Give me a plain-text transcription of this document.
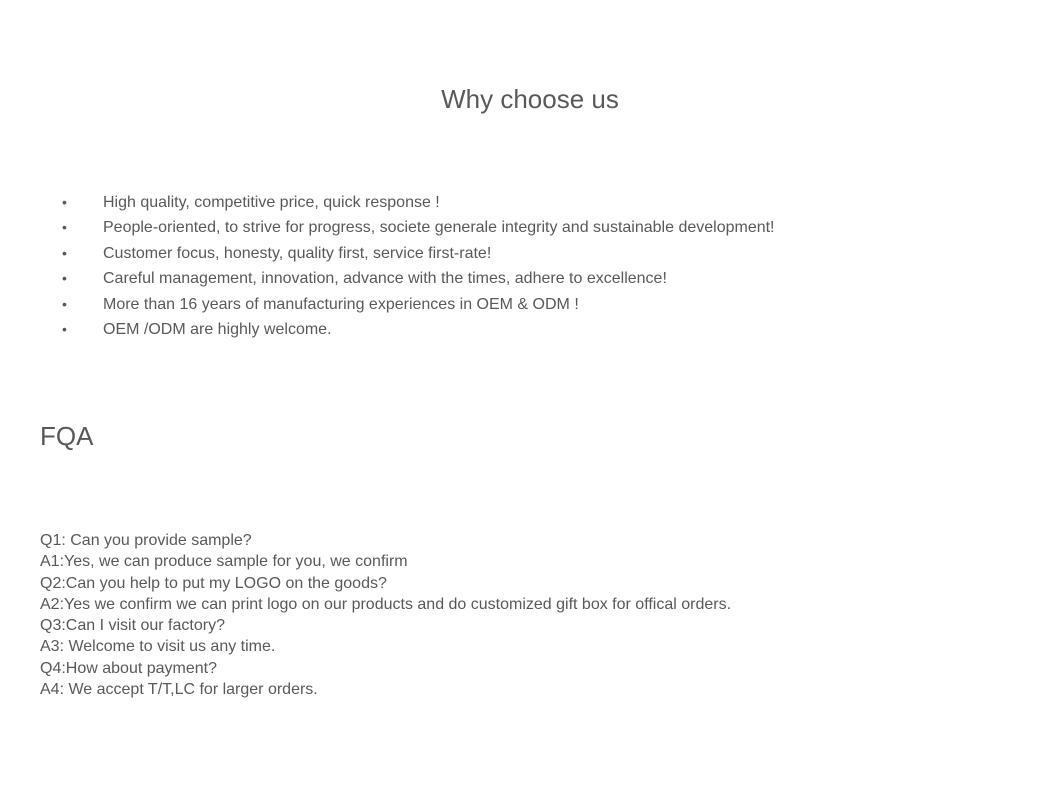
Why choose us
• High quality, competitive price, quick response !
• People-oriented, to strive for progress, societe generale integrity and sustainable development!
• Customer focus, honesty, quality first, service first-rate!
• Careful management, innovation, advance with the times, adhere to excellence!
• More than 16 years of manufacturing experiences in OEM & ODM !
• OEM /ODM are highly welcome.
FQA
Q1: Can you provide sample?
A1:Yes, we can produce sample for you, we confirm
Q2:Can you help to put my LOGO on the goods?
A2:Yes we confirm we can print logo on our products and do customized gift box for offical orders.
Q3:Can I visit our factory?
A3: Welcome to visit us any time.
Q4:How about payment?
A4: We accept T/T,LC for larger orders.
